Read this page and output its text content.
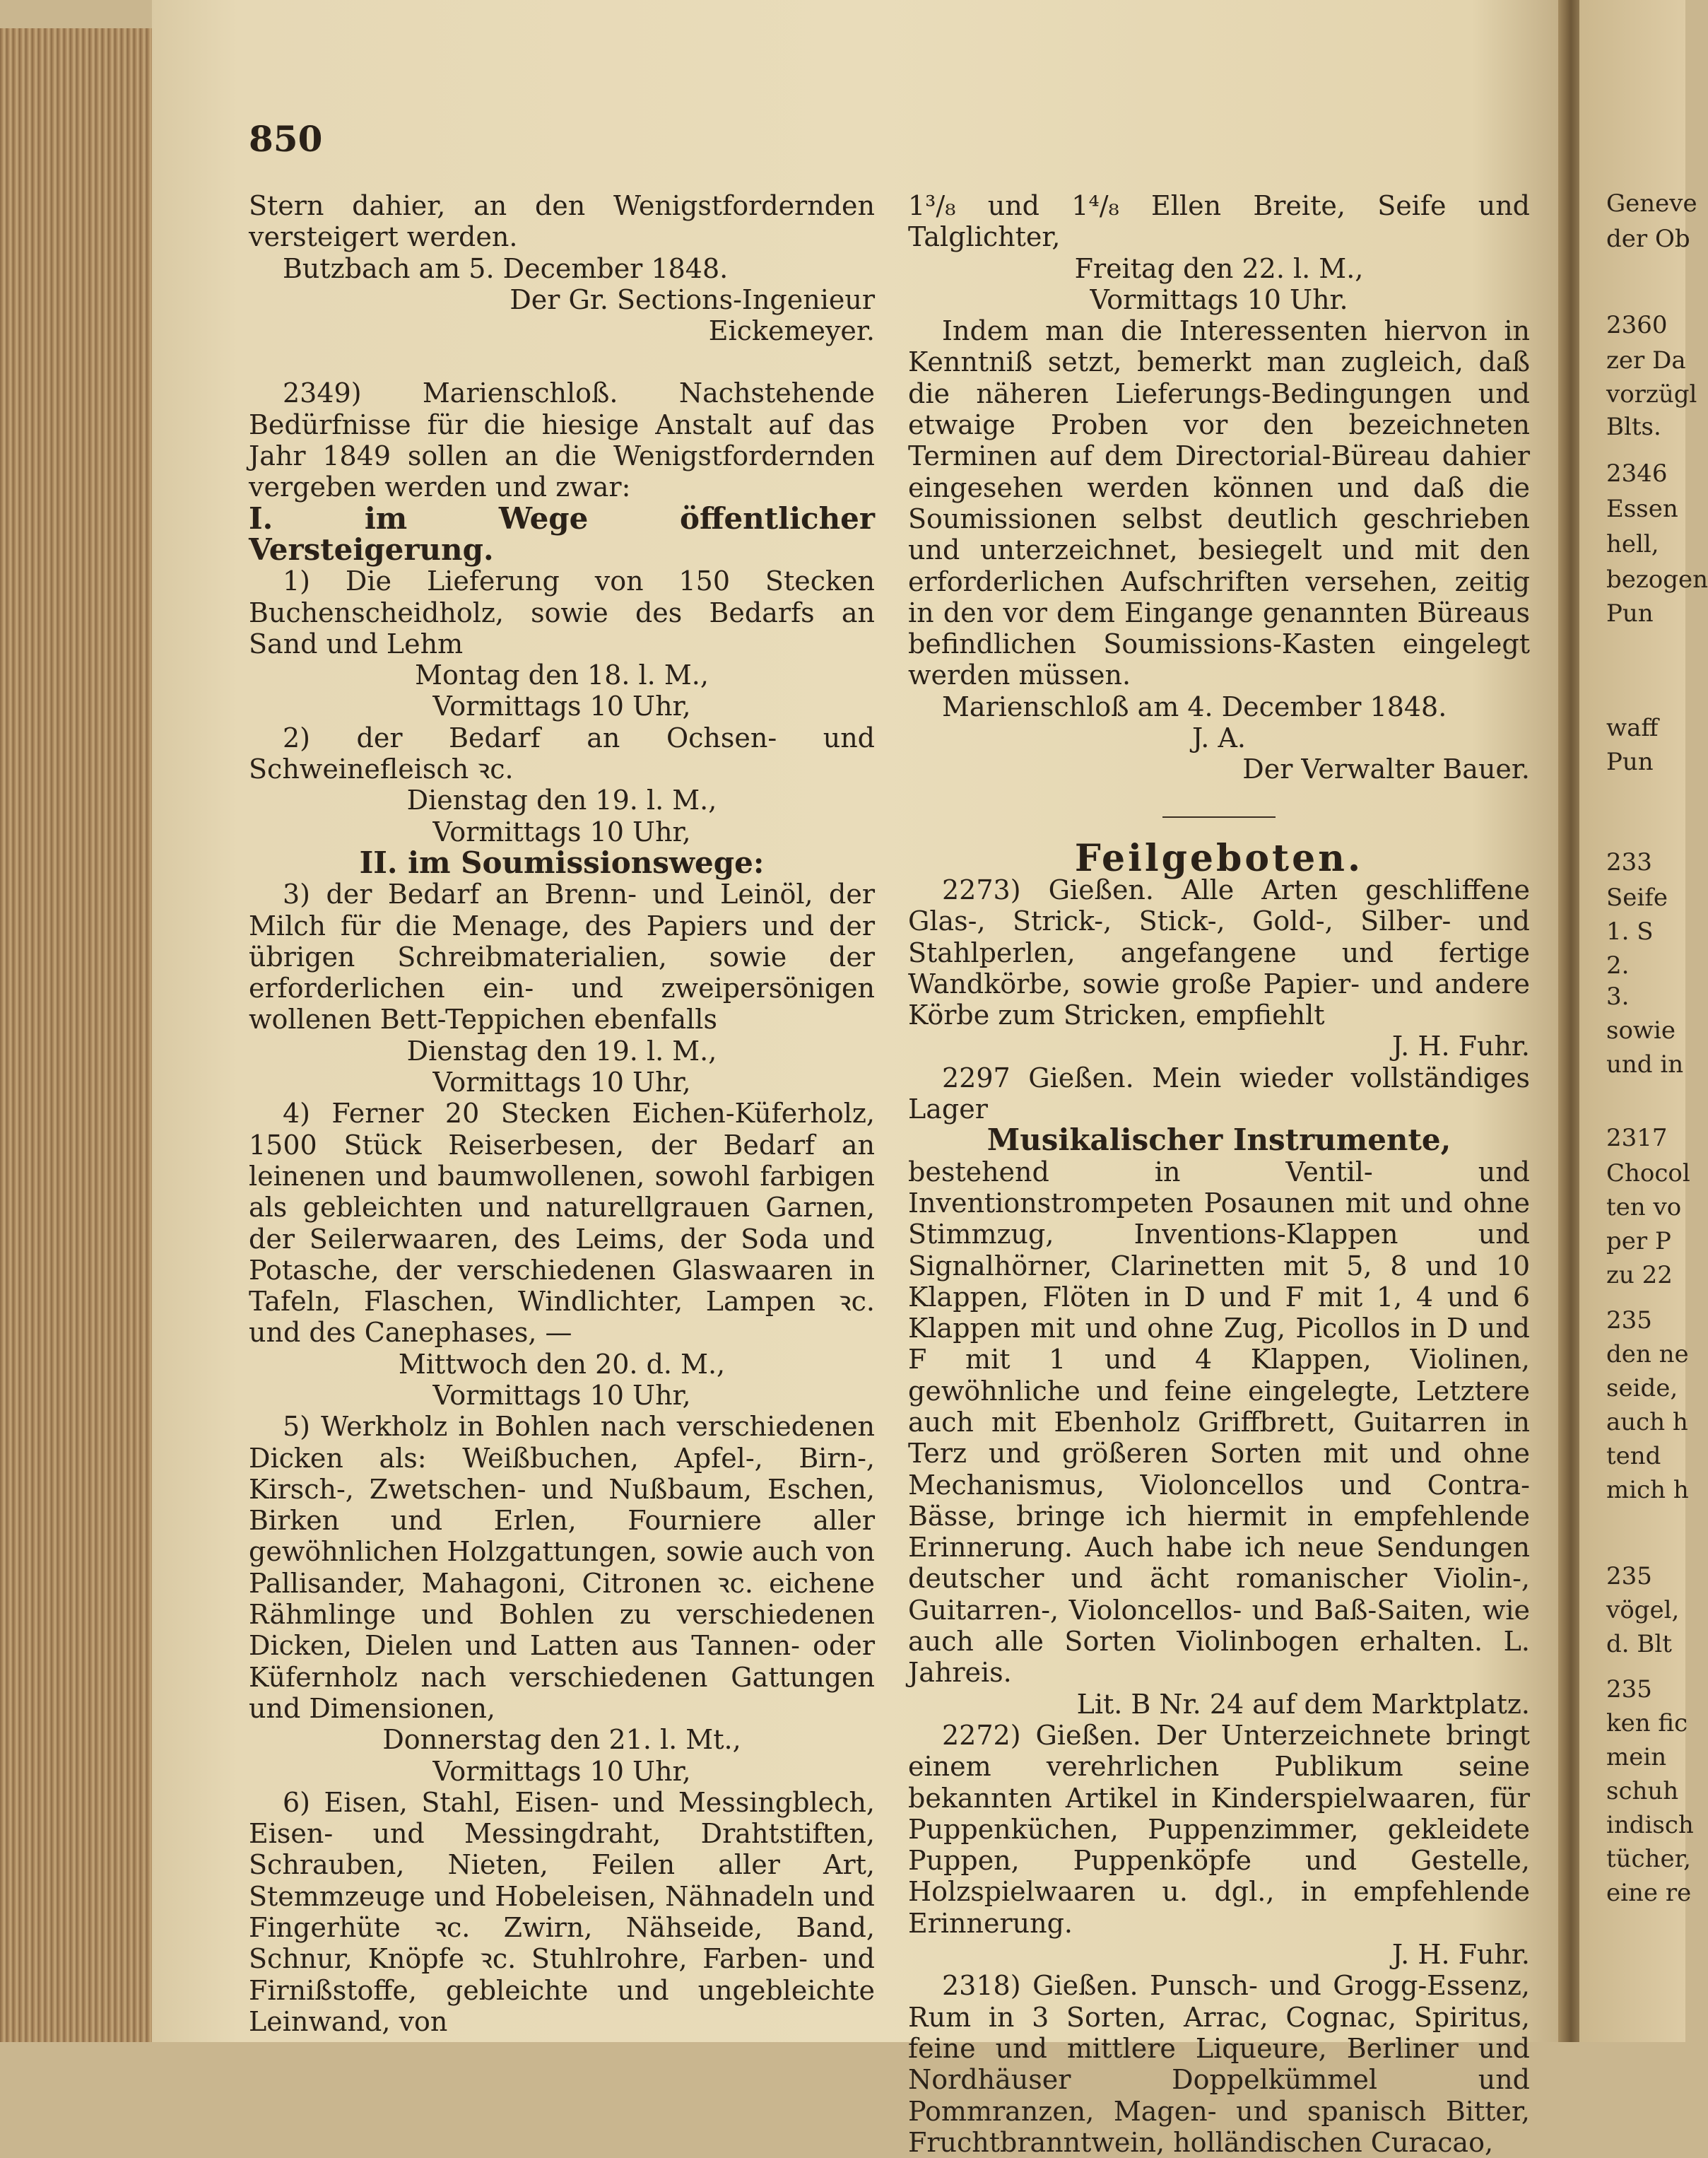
Geneve
der Ob
2360
zer Da
vorzügl
Blts.
2346
Essen
hell,
bezogen
Pun
waff
Pun
233
Seife
1. S
2.
3.
sowie
und in
2317
Chocol
ten vo
per P
zu 22
235
den ne
seide,
auch h
tend
mich h
235
vögel,
d. Blt
235
ken fic
mein
schuh
indisch
tücher,
eine re
850
Stern dahier, an den Wenigstfordernden versteigert werden.
Butzbach am 5. December 1848.
Der Gr. Sections-Ingenieur
Eickemeyer.
2349) Marienschloß. Nachstehende Bedürfnisse für die hiesige Anstalt auf das Jahr 1849 sollen an die Wenigstfordernden vergeben werden und zwar:
I. im Wege öffentlicher Versteigerung.
1) Die Lieferung von 150 Stecken Buchenscheidholz, sowie des Bedarfs an Sand und Lehm
Montag den 18. l. M.,
Vormittags 10 Uhr,
2) der Bedarf an Ochsen- und Schweinefleisch ꝛc.
Dienstag den 19. l. M.,
Vormittags 10 Uhr,
II. im Soumissionswege:
3) der Bedarf an Brenn- und Leinöl, der Milch für die Menage, des Papiers und der übrigen Schreibmaterialien, sowie der erforderlichen ein- und zweipersönigen wollenen Bett-Teppichen ebenfalls
Dienstag den 19. l. M.,
Vormittags 10 Uhr,
4) Ferner 20 Stecken Eichen-Küferholz, 1500 Stück Reiserbesen, der Bedarf an leinenen und baumwollenen, sowohl farbigen als gebleichten und naturellgrauen Garnen, der Seilerwaaren, des Leims, der Soda und Potasche, der verschiedenen Glaswaaren in Tafeln, Flaschen, Windlichter, Lampen ꝛc. und des Canephases, —
Mittwoch den 20. d. M.,
Vormittags 10 Uhr,
5) Werkholz in Bohlen nach verschiedenen Dicken als: Weißbuchen, Apfel-, Birn-, Kirsch-, Zwetschen- und Nußbaum, Eschen, Birken und Erlen, Fourniere aller gewöhnlichen Holzgattungen, sowie auch von Pallisander, Mahagoni, Citronen ꝛc. eichene Rähmlinge und Bohlen zu verschiedenen Dicken, Dielen und Latten aus Tannen- oder Küfernholz nach verschiedenen Gattungen und Dimensionen,
Donnerstag den 21. l. Mt.,
Vormittags 10 Uhr,
6) Eisen, Stahl, Eisen- und Messingblech, Eisen- und Messingdraht, Drahtstiften, Schrauben, Nieten, Feilen aller Art, Stemmzeuge und Hobeleisen, Nähnadeln und Fingerhüte ꝛc. Zwirn, Nähseide, Band, Schnur, Knöpfe ꝛc. Stuhlrohre, Farben- und Firnißstoffe, gebleichte und ungebleichte Leinwand, von
1³/₈ und 1⁴/₈ Ellen Breite, Seife und Talglichter,
Freitag den 22. l. M.,
Vormittags 10 Uhr.
Indem man die Interessenten hiervon in Kenntniß setzt, bemerkt man zugleich, daß die näheren Lieferungs-Bedingungen und etwaige Proben vor den bezeichneten Terminen auf dem Directorial-Büreau dahier eingesehen werden können und daß die Soumissionen selbst deutlich geschrieben und unterzeichnet, besiegelt und mit den erforderlichen Aufschriften versehen, zeitig in den vor dem Eingange genannten Büreaus befindlichen Soumissions-Kasten eingelegt werden müssen.
Marienschloß am 4. December 1848.
J. A.
Der Verwalter Bauer.
Feilgeboten.
2273) Gießen. Alle Arten geschliffene Glas-, Strick-, Stick-, Gold-, Silber- und Stahlperlen, angefangene und fertige Wandkörbe, sowie große Papier- und andere Körbe zum Stricken, empfiehlt
J. H. Fuhr.
2297 Gießen. Mein wieder vollständiges Lager
Musikalischer Instrumente,
bestehend in Ventil- und Inventionstrompeten Posaunen mit und ohne Stimmzug, Inventions-Klappen und Signalhörner, Clarinetten mit 5, 8 und 10 Klappen, Flöten in D und F mit 1, 4 und 6 Klappen mit und ohne Zug, Picollos in D und F mit 1 und 4 Klappen, Violinen, gewöhnliche und feine eingelegte, Letztere auch mit Ebenholz Griffbrett, Guitarren in Terz und größeren Sorten mit und ohne Mechanismus, Violoncellos und Contra-Bässe, bringe ich hiermit in empfehlende Erinnerung. Auch habe ich neue Sendungen deutscher und ächt romanischer Violin-, Guitarren-, Violoncellos- und Baß-Saiten, wie auch alle Sorten Violinbogen erhalten. L. Jahreis.
Lit. B Nr. 24 auf dem Marktplatz.
2272) Gießen. Der Unterzeichnete bringt einem verehrlichen Publikum seine bekannten Artikel in Kinderspielwaaren, für Puppenküchen, Puppenzimmer, gekleidete Puppen, Puppenköpfe und Gestelle, Holzspielwaaren u. dgl., in empfehlende Erinnerung.
J. H. Fuhr.
2318) Gießen. Punsch- und Grogg-Essenz, Rum in 3 Sorten, Arrac, Cognac, Spiritus, feine und mittlere Liqueure, Berliner und Nordhäuser Doppelkümmel und Pommranzen, Magen- und spanisch Bitter, Fruchtbranntwein, holländischen Curacao,
